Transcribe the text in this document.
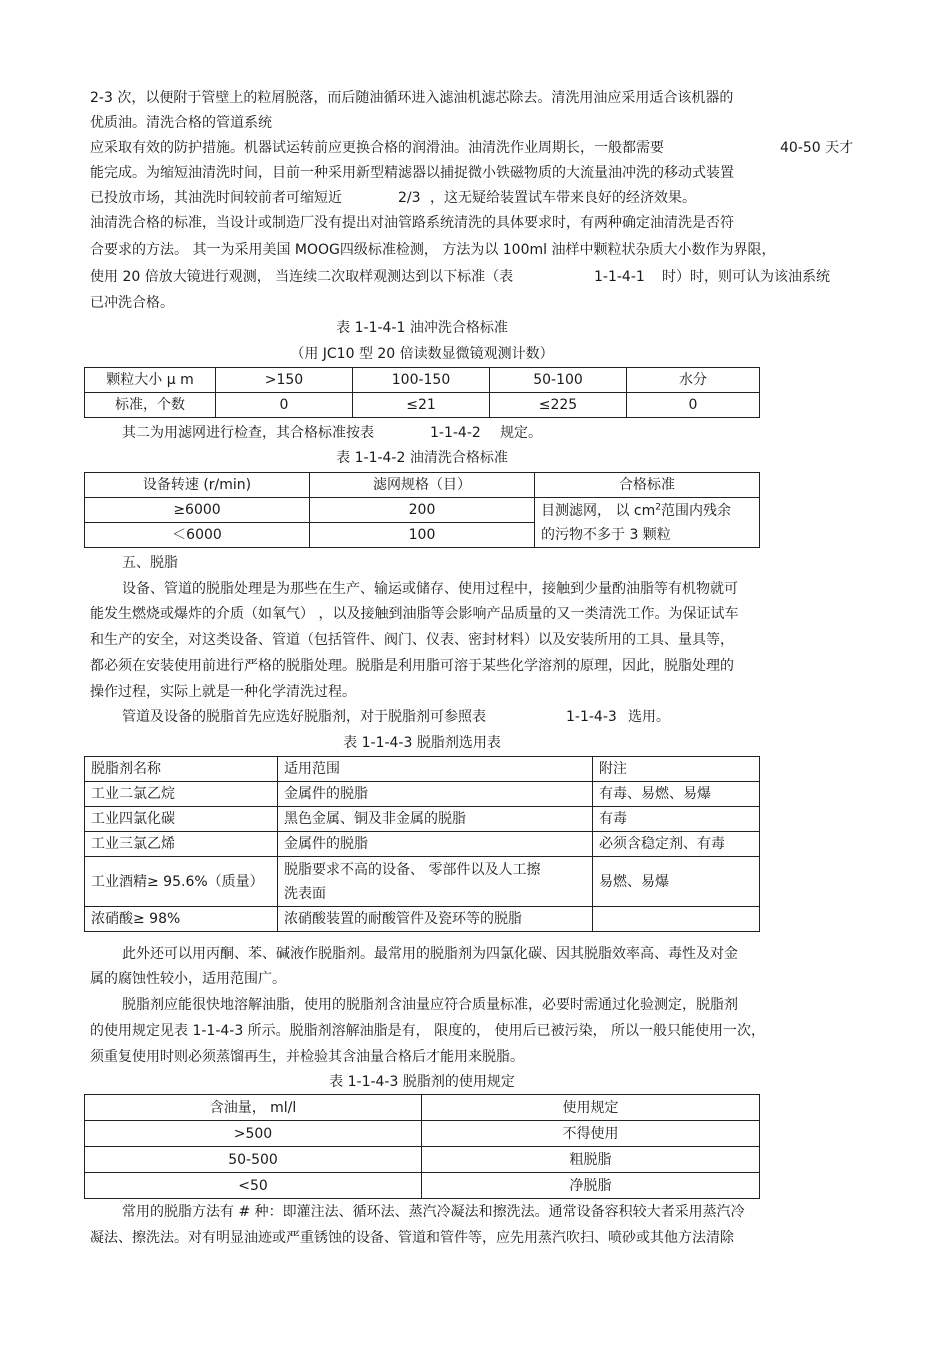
2-3 次，以便附于管壁上的粒屑脱落，而后随油循环进入滤油机滤芯除去。清洗用油应采用适合该机器的
优质油。清洗合格的管道系统
应采取有效的防护措施。机器试运转前应更换合格的润滑油。油清洗作业周期长，一般都需要	40-50 天才
能完成。为缩短油清洗时间，目前一种采用新型精滤器以捕捉微小铁磁物质的大流量油冲洗的移动式装置
已投放市场，其油洗时间较前者可缩短近	2/3 ，这无疑给装置试车带来良好的经济效果。
油清洗合格的标准，当设计或制造厂没有提出对油管路系统清洗的具体要求时，有两种确定油清洗是否符
合要求的方法。 其一为采用美国 MOOG四级标准检测， 方法为以 100ml 油样中颗粒状杂质大小数作为界限，
使用 20 倍放大镜进行观测， 当连续二次取样观测达到以下标准（表	1-1-4-1 时）时，则可认为该油系统
已冲洗合格。
表 1-1-4-1 油冲洗合格标准
（用 JC10 型 20 倍读数显微镜观测计数）
颗粒大小 μ m	>150	100-150	50-100	水分
标准，个数	0	≤21	≤225	0
其二为用滤网进行检查，其合格标准按表	1-1-4-2 规定。
表 1-1-4-2 油清洗合格标准
设备转速 (r/min)	滤网规格（目）	合格标准
≥6000	200	目测滤网， 以 $cm^2$范围内残余
的污物不多于 3 颗粒

＜6000	100	
五、脱脂
设备、管道的脱脂处理是为那些在生产、输运或储存、使用过程中，接触到少量酌油脂等有机物就可
能发生燃烧或爆炸的介质（如氧气） ，以及接触到油脂等会影响产品质量的又一类清洗工作。为保证试车
和生产的安全，对这类设备、管道（包括管件、阀门、仪表、密封材料）以及安装所用的工具、量具等，
都必须在安装使用前进行严格的脱脂处理。脱脂是利用脂可溶于某些化学溶剂的原理，因此，脱脂处理的
操作过程，实际上就是一种化学清洗过程。
管道及设备的脱脂首先应选好脱脂剂，对于脱脂剂可参照表	1-1-4-3 选用。
表 1-1-4-3 脱脂剂选用表
脱脂剂名称	适用范围	附注
工业二氯乙烷	金属件的脱脂	有毒、易燃、易爆
工业四氯化碳	黑色金属、铜及非金属的脱脂	有毒
工业三氯乙烯	金属件的脱脂	必须含稳定剂、有毒
工业酒精≥ 95.6%（质量）	脱脂要求不高的设备、 零部件以及人工擦
洗表面	易燃、易爆
浓硝酸≥ 98%	浓硝酸装置的耐酸管件及瓷环等的脱脂	
此外还可以用丙酮、苯、碱液作脱脂剂。最常用的脱脂剂为四氯化碳、因其脱脂效率高、毒性及对金
属的腐蚀性较小，适用范围广。
脱脂剂应能很快地溶解油脂，使用的脱脂剂含油量应符合质量标准，必要时需通过化验测定，脱脂剂
的使用规定见表 1-1-4-3 所示。脱脂剂溶解油脂是有， 限度的， 使用后已被污染， 所以一般只能使用一次，
须重复使用时则必须蒸馏再生，并检验其含油量合格后才能用来脱脂。
表 1-1-4-3 脱脂剂的使用规定
含油量， ml/l	使用规定
>500	不得使用
50-500	粗脱脂
<50	净脱脂
常用的脱脂方法有 # 种：即灌注法、循环法、蒸汽冷凝法和擦洗法。通常设备容积较大者采用蒸汽冷
凝法、擦洗法。对有明显油迹或严重锈蚀的设备、管道和管件等，应先用蒸汽吹扫、喷砂或其他方法清除
